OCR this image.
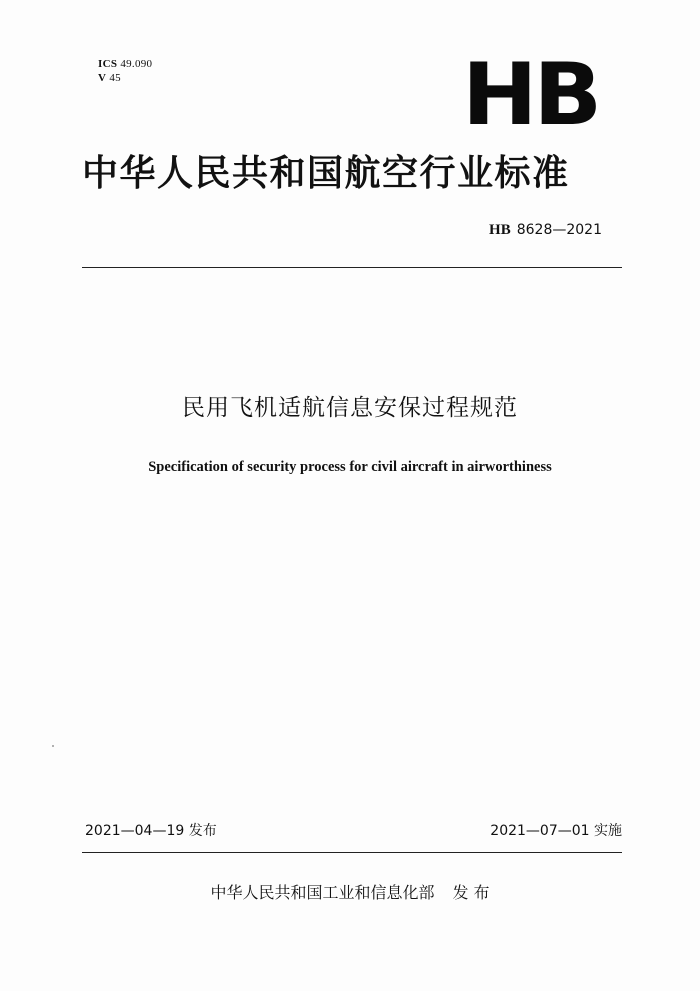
ICS 49.090
V 45	HB
中华人民共和国航空行业标准
HB 8628—2021
民用飞机适航信息安保过程规范
Specification of security process for civil aircraft in airworthiness
2021—04—19 发布	2021—07—01 实施
中华人民共和国工业和信息化部 发 布
